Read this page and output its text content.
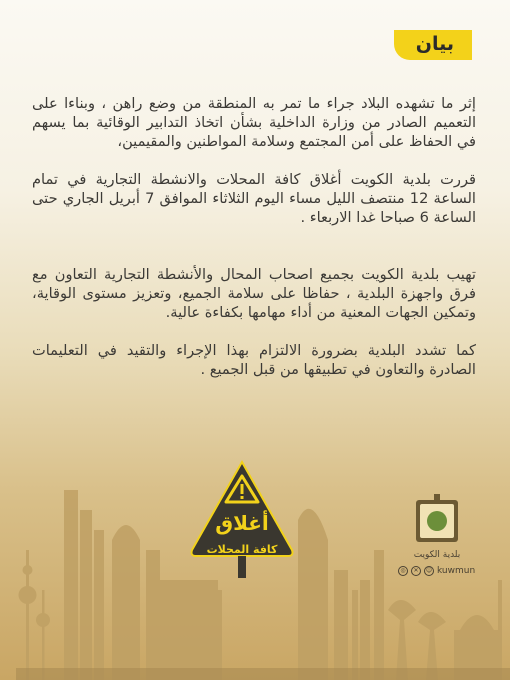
بيان

إثر ما تشهده البلاد جراء ما تمر به المنطقة من وضع راهن ، وبناءا على التعميم الصادر من وزارة الداخلية بشأن اتخاذ التدابير الوقائية بما يسهم في الحفاظ على أمن المجتمع وسلامة المواطنين والمقيمين،

قررت بلدية الكويت أغلاق كافة المحلات والانشطة التجارية في تمام الساعة 12 منتصف الليل مساء اليوم الثلاثاء الموافق 7 أبريل الجاري حتى الساعة 6 صباحا غدا الاربعاء .

تهيب بلدية الكويت بجميع اصحاب المحال والأنشطة التجارية التعاون مع فرق واجهزة البلدية ، حفاظا على سلامة الجميع، وتعزيز مستوى الوقاية، وتمكين الجهات المعنية من أداء مهامها بكفاءة عالية.

كما تشدد البلدية بضرورة الالتزام بهذا الإجراء والتقيد في التعليمات الصادرة والتعاون في تطبيقها من قبل الجميع .

أغلاق
كافة المحلات	بلدية الكويت
◎	✕	☺ kuwmun
